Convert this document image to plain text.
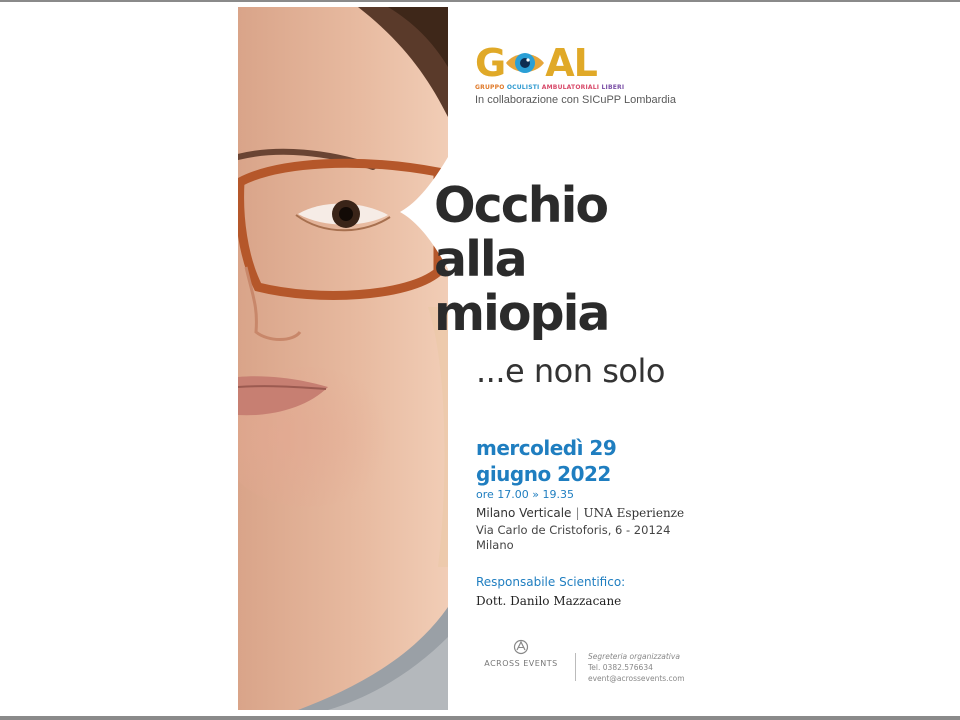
G AL
GRUPPO OCULISTI AMBULATORIALI LIBERI
In collaborazione con SICuPP Lombardia
Occhio
alla
miopia
...e non solo
mercoledì 29
giugno 2022
ore 17.00 » 19.35
Milano Verticale | UNA Esperienze
Via Carlo de Cristoforis, 6 - 20124
Milano
Responsabile Scientifico:
Dott. Danilo Mazzacane
ACROSS EVENTS
Segreteria organizzativa
Tel. 0382.576634
event@acrossevents.com
